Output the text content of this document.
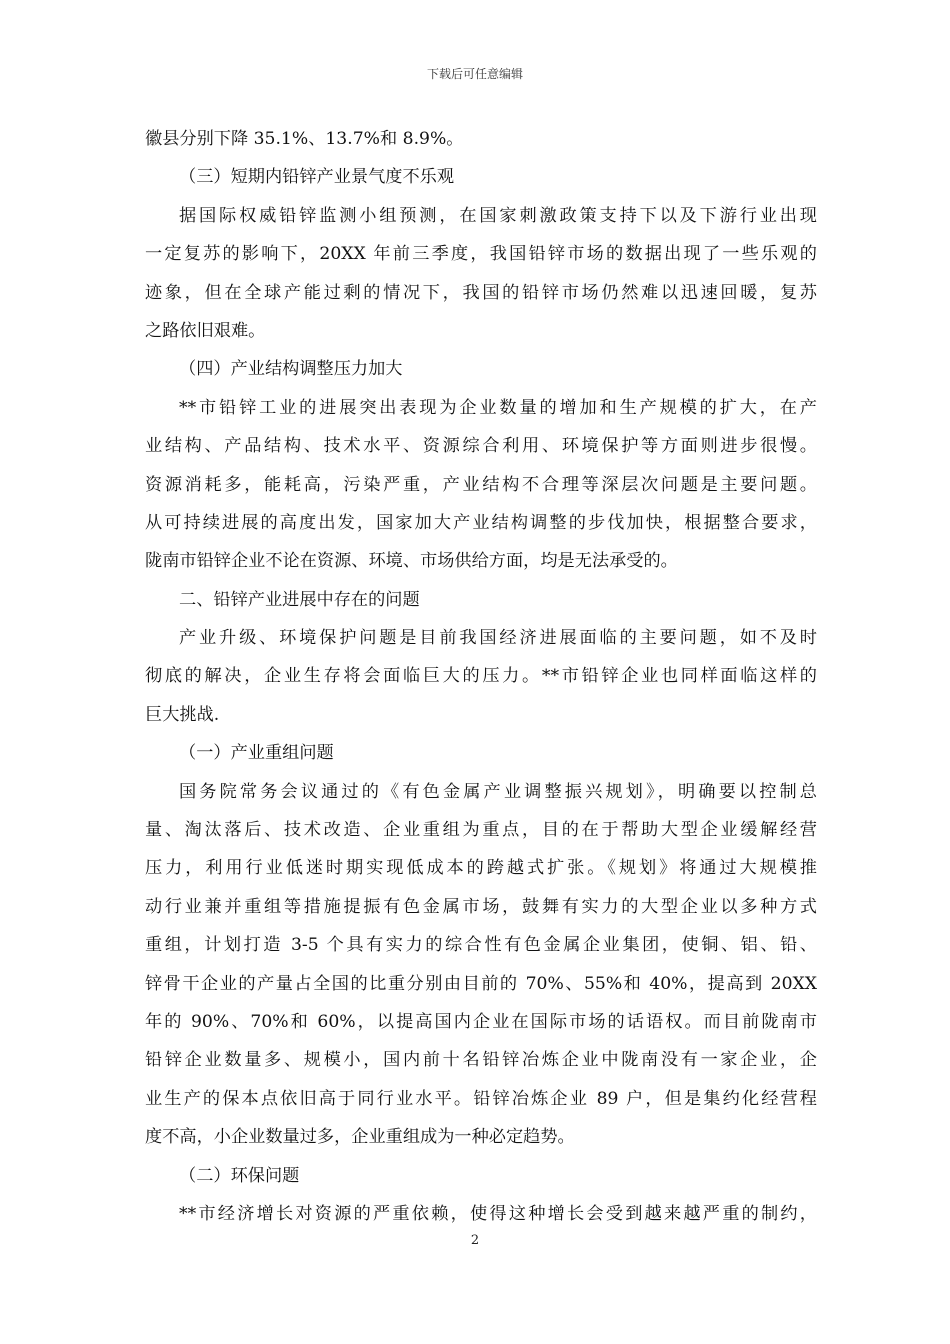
下载后可任意编辑
徽县分别下降 35.1%、13.7%和 8.9%。
（三）短期内铅锌产业景气度不乐观
据国际权威铅锌监测小组预测，在国家刺激政策支持下以及下游行业出现
一定复苏的影响下，20XX 年前三季度，我国铅锌市场的数据出现了一些乐观的
迹象，但在全球产能过剩的情况下，我国的铅锌市场仍然难以迅速回暖，复苏
之路依旧艰难。
（四）产业结构调整压力加大
**市铅锌工业的进展突出表现为企业数量的增加和生产规模的扩大，在产
业结构、产品结构、技术水平、资源综合利用、环境保护等方面则进步很慢。
资源消耗多，能耗高，污染严重，产业结构不合理等深层次问题是主要问题。
从可持续进展的高度出发，国家加大产业结构调整的步伐加快，根据整合要求，
陇南市铅锌企业不论在资源、环境、市场供给方面，均是无法承受的。
二、铅锌产业进展中存在的问题
产业升级、环境保护问题是目前我国经济进展面临的主要问题，如不及时
彻底的解决，企业生存将会面临巨大的压力。**市铅锌企业也同样面临这样的
巨大挑战.
（一）产业重组问题
国务院常务会议通过的《有色金属产业调整振兴规划》，明确要以控制总
量、淘汰落后、技术改造、企业重组为重点，目的在于帮助大型企业缓解经营
压力，利用行业低迷时期实现低成本的跨越式扩张。《规划》将通过大规模推
动行业兼并重组等措施提振有色金属市场，鼓舞有实力的大型企业以多种方式
重组，计划打造 3-5 个具有实力的综合性有色金属企业集团，使铜、铝、铅、
锌骨干企业的产量占全国的比重分别由目前的 70%、55%和 40%，提高到 20XX
年的 90%、70%和 60%，以提高国内企业在国际市场的话语权。而目前陇南市
铅锌企业数量多、规模小，国内前十名铅锌冶炼企业中陇南没有一家企业，企
业生产的保本点依旧高于同行业水平。铅锌冶炼企业 89 户，但是集约化经营程
度不高，小企业数量过多，企业重组成为一种必定趋势。
（二）环保问题
**市经济增长对资源的严重依赖，使得这种增长会受到越来越严重的制约，
2
